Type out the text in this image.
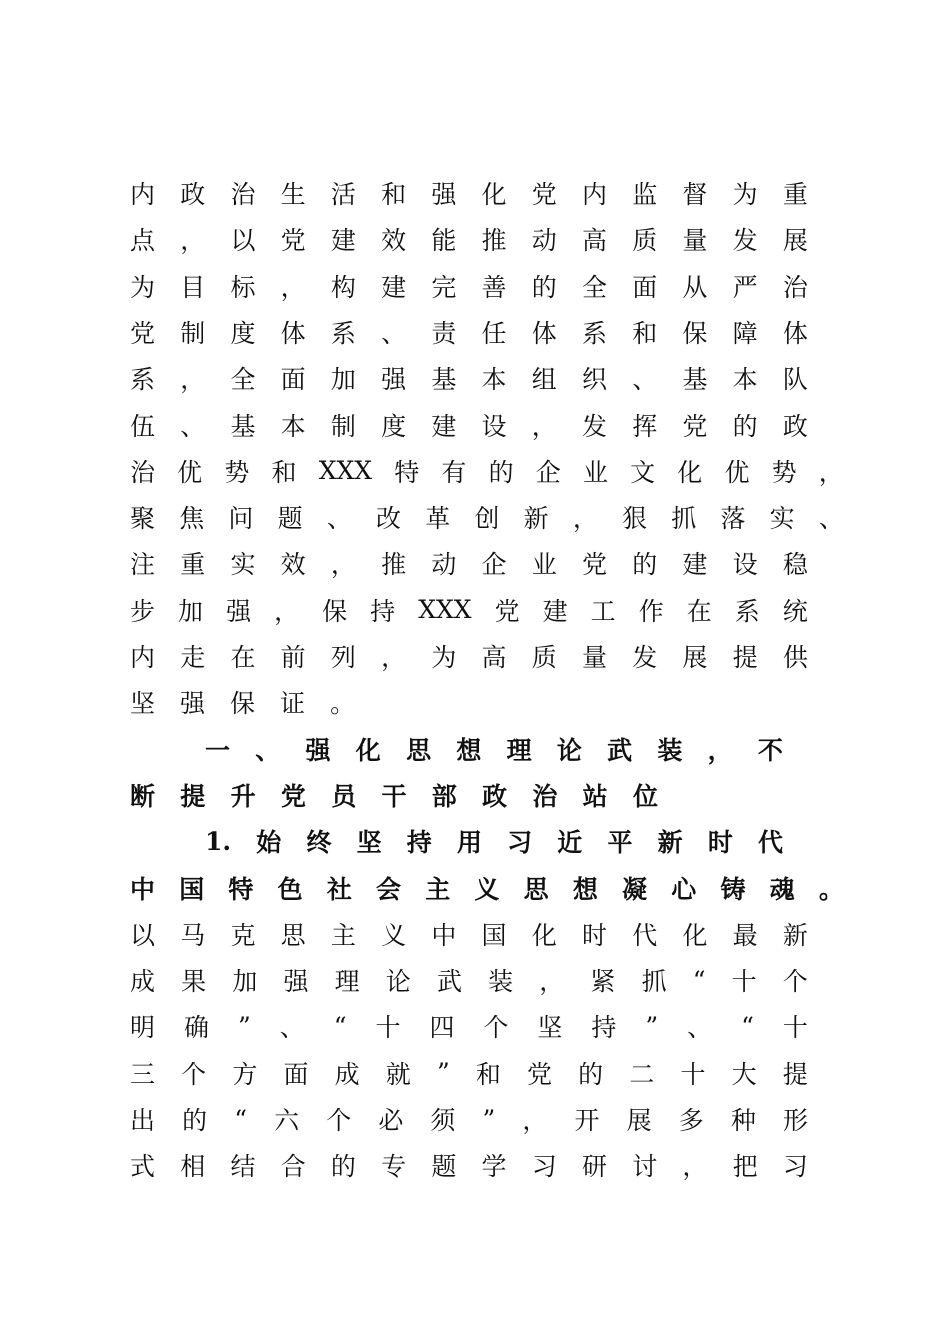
内 政 治 生 活 和 强 化 党 内 监 督 为 重
点 ， 以 党 建 效 能 推 动 高 质 量 发 展
为 目 标 ， 构 建 完 善 的 全 面 从 严 治
党 制 度 体 系 、 责 任 体 系 和 保 障 体
系 ， 全 面 加 强 基 本 组 织 、 基 本 队
伍 、 基 本 制 度 建 设 ， 发 挥 党 的 政
治 优 势 和 XXX 特 有 的 企 业 文 化 优 势 ，
聚 焦 问 题 、 改 革 创 新 ， 狠 抓 落 实 、
注 重 实 效 ， 推 动 企 业 党 的 建 设 稳
步 加 强 ， 保 持 XXX 党 建 工 作 在 系 统
内 走 在 前 列 ， 为 高 质 量 发 展 提 供
坚 强 保 证 。
一 、 强 化 思 想 理 论 武 装 ， 不
断 提 升 党 员 干 部 政 治 站 位
1. 始 终 坚 持 用 习 近 平 新 时 代
中 国 特 色 社 会 主 义 思 想 凝 心 铸 魂 。
以 马 克 思 主 义 中 国 化 时 代 化 最 新
成 果 加 强 理 论 武 装 ， 紧 抓 “ 十 个
明 确 ” 、 “ 十 四 个 坚 持 ” 、 “ 十
三 个 方 面 成 就 ” 和 党 的 二 十 大 提
出 的 “ 六 个 必 须 ” ， 开 展 多 种 形
式 相 结 合 的 专 题 学 习 研 讨 ， 把 习
